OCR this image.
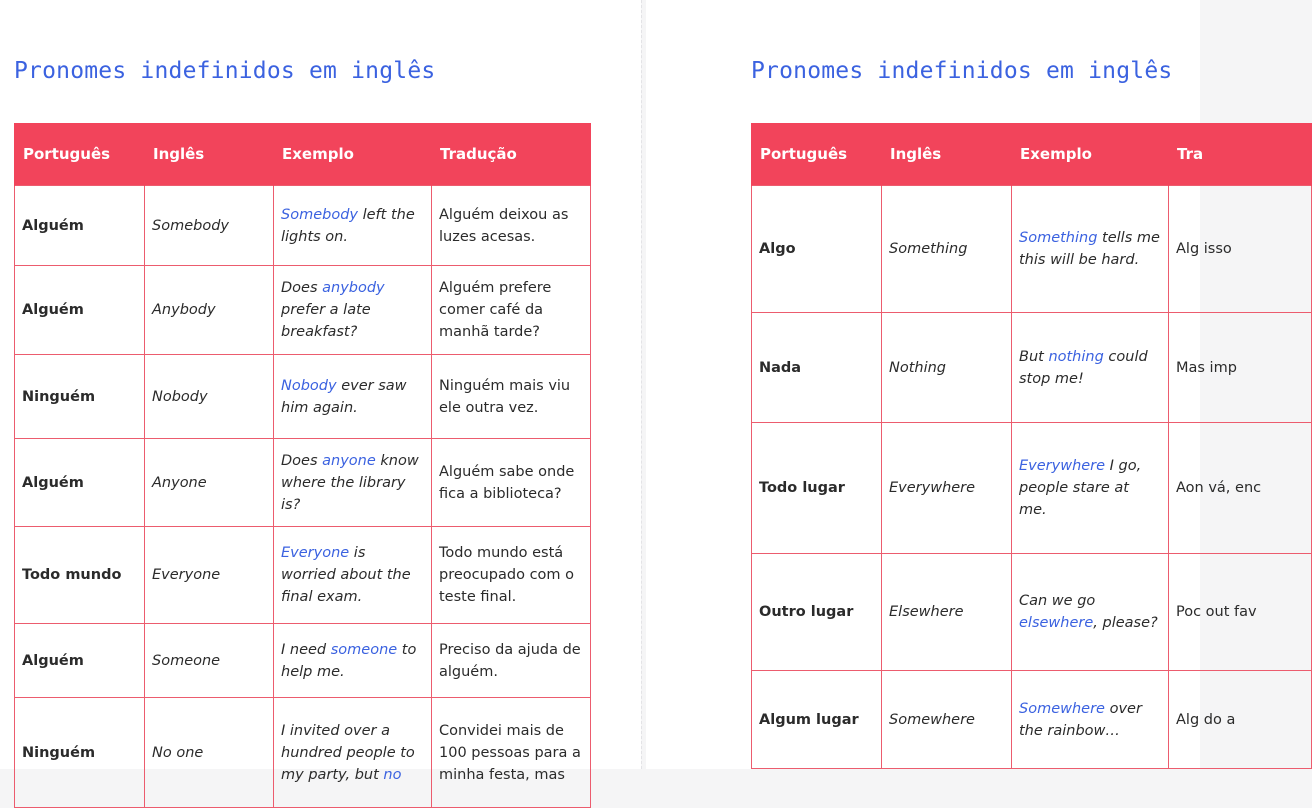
Pronomes indefinidos em inglês
Português	Inglês	Exemplo	Tradução
Alguém	Somebody	Somebody left the lights on.	Alguém deixou as luzes acesas.
Alguém	Anybody	Does anybody prefer a late breakfast?	Alguém prefere comer café da manhã tarde?
Ninguém	Nobody	Nobody ever saw him again.	Ninguém mais viu ele outra vez.
Alguém	Anyone	Does anyone know where the library is?	Alguém sabe onde fica a biblioteca?
Todo mundo	Everyone	Everyone is worried about the final exam.	Todo mundo está preocupado com o teste final.
Alguém	Someone	I need someone to help me.	Preciso da ajuda de alguém.
Ninguém	No one	I invited over a hundred people to my party, but no	Convidei mais de 100 pessoas para a minha festa, mas
Pronomes indefinidos em inglês
Português	Inglês	Exemplo	Tra
Algo	Something	Something tells me this will be hard.	Alg isso
Nada	Nothing	But nothing could stop me!	Mas imp
Todo lugar	Everywhere	Everywhere I go, people stare at me.	Aon vá, enc
Outro lugar	Elsewhere	Can we go elsewhere, please?	Poc out fav
Algum lugar	Somewhere	Somewhere over the rainbow…	Alg do a
